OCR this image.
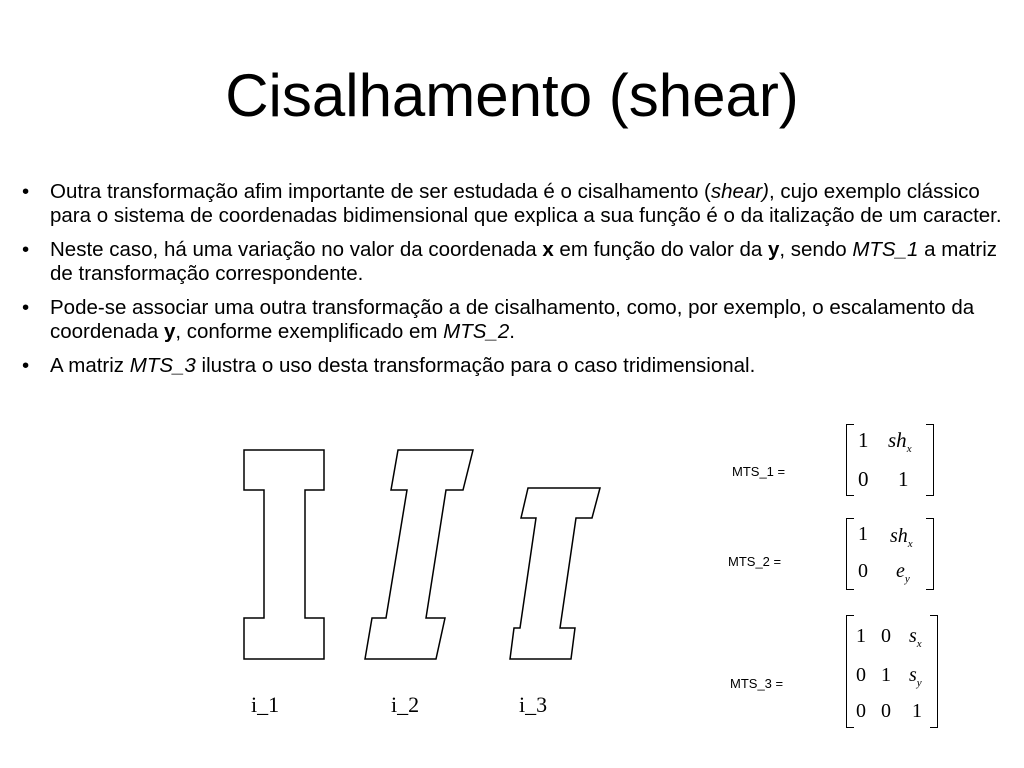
Cisalhamento (shear)
• Outra transformação afim importante de ser estudada é o cisalhamento (shear), cujo exemplo clássico para o sistema de coordenadas bidimensional que explica a sua função é o da italização de um caracter.
• Neste caso, há uma variação no valor da coordenada x em função do valor da y, sendo MTS_1 a matriz de transformação correspondente.
• Pode-se associar uma outra transformação a de cisalhamento, como, por exemplo, o escalamento da coordenada y, conforme exemplificado em MTS_2.
• A matriz MTS_3 ilustra o uso desta transformação para o caso tridimensional.
i_1	i_2	i_3
MTS_1 =
1 $sh_x$
0 1
MTS_2 =
1 $sh_x$
0 $e_y$
MTS_3 =
1 0 $s_x$
0 1 $s_y$
0 0 1
